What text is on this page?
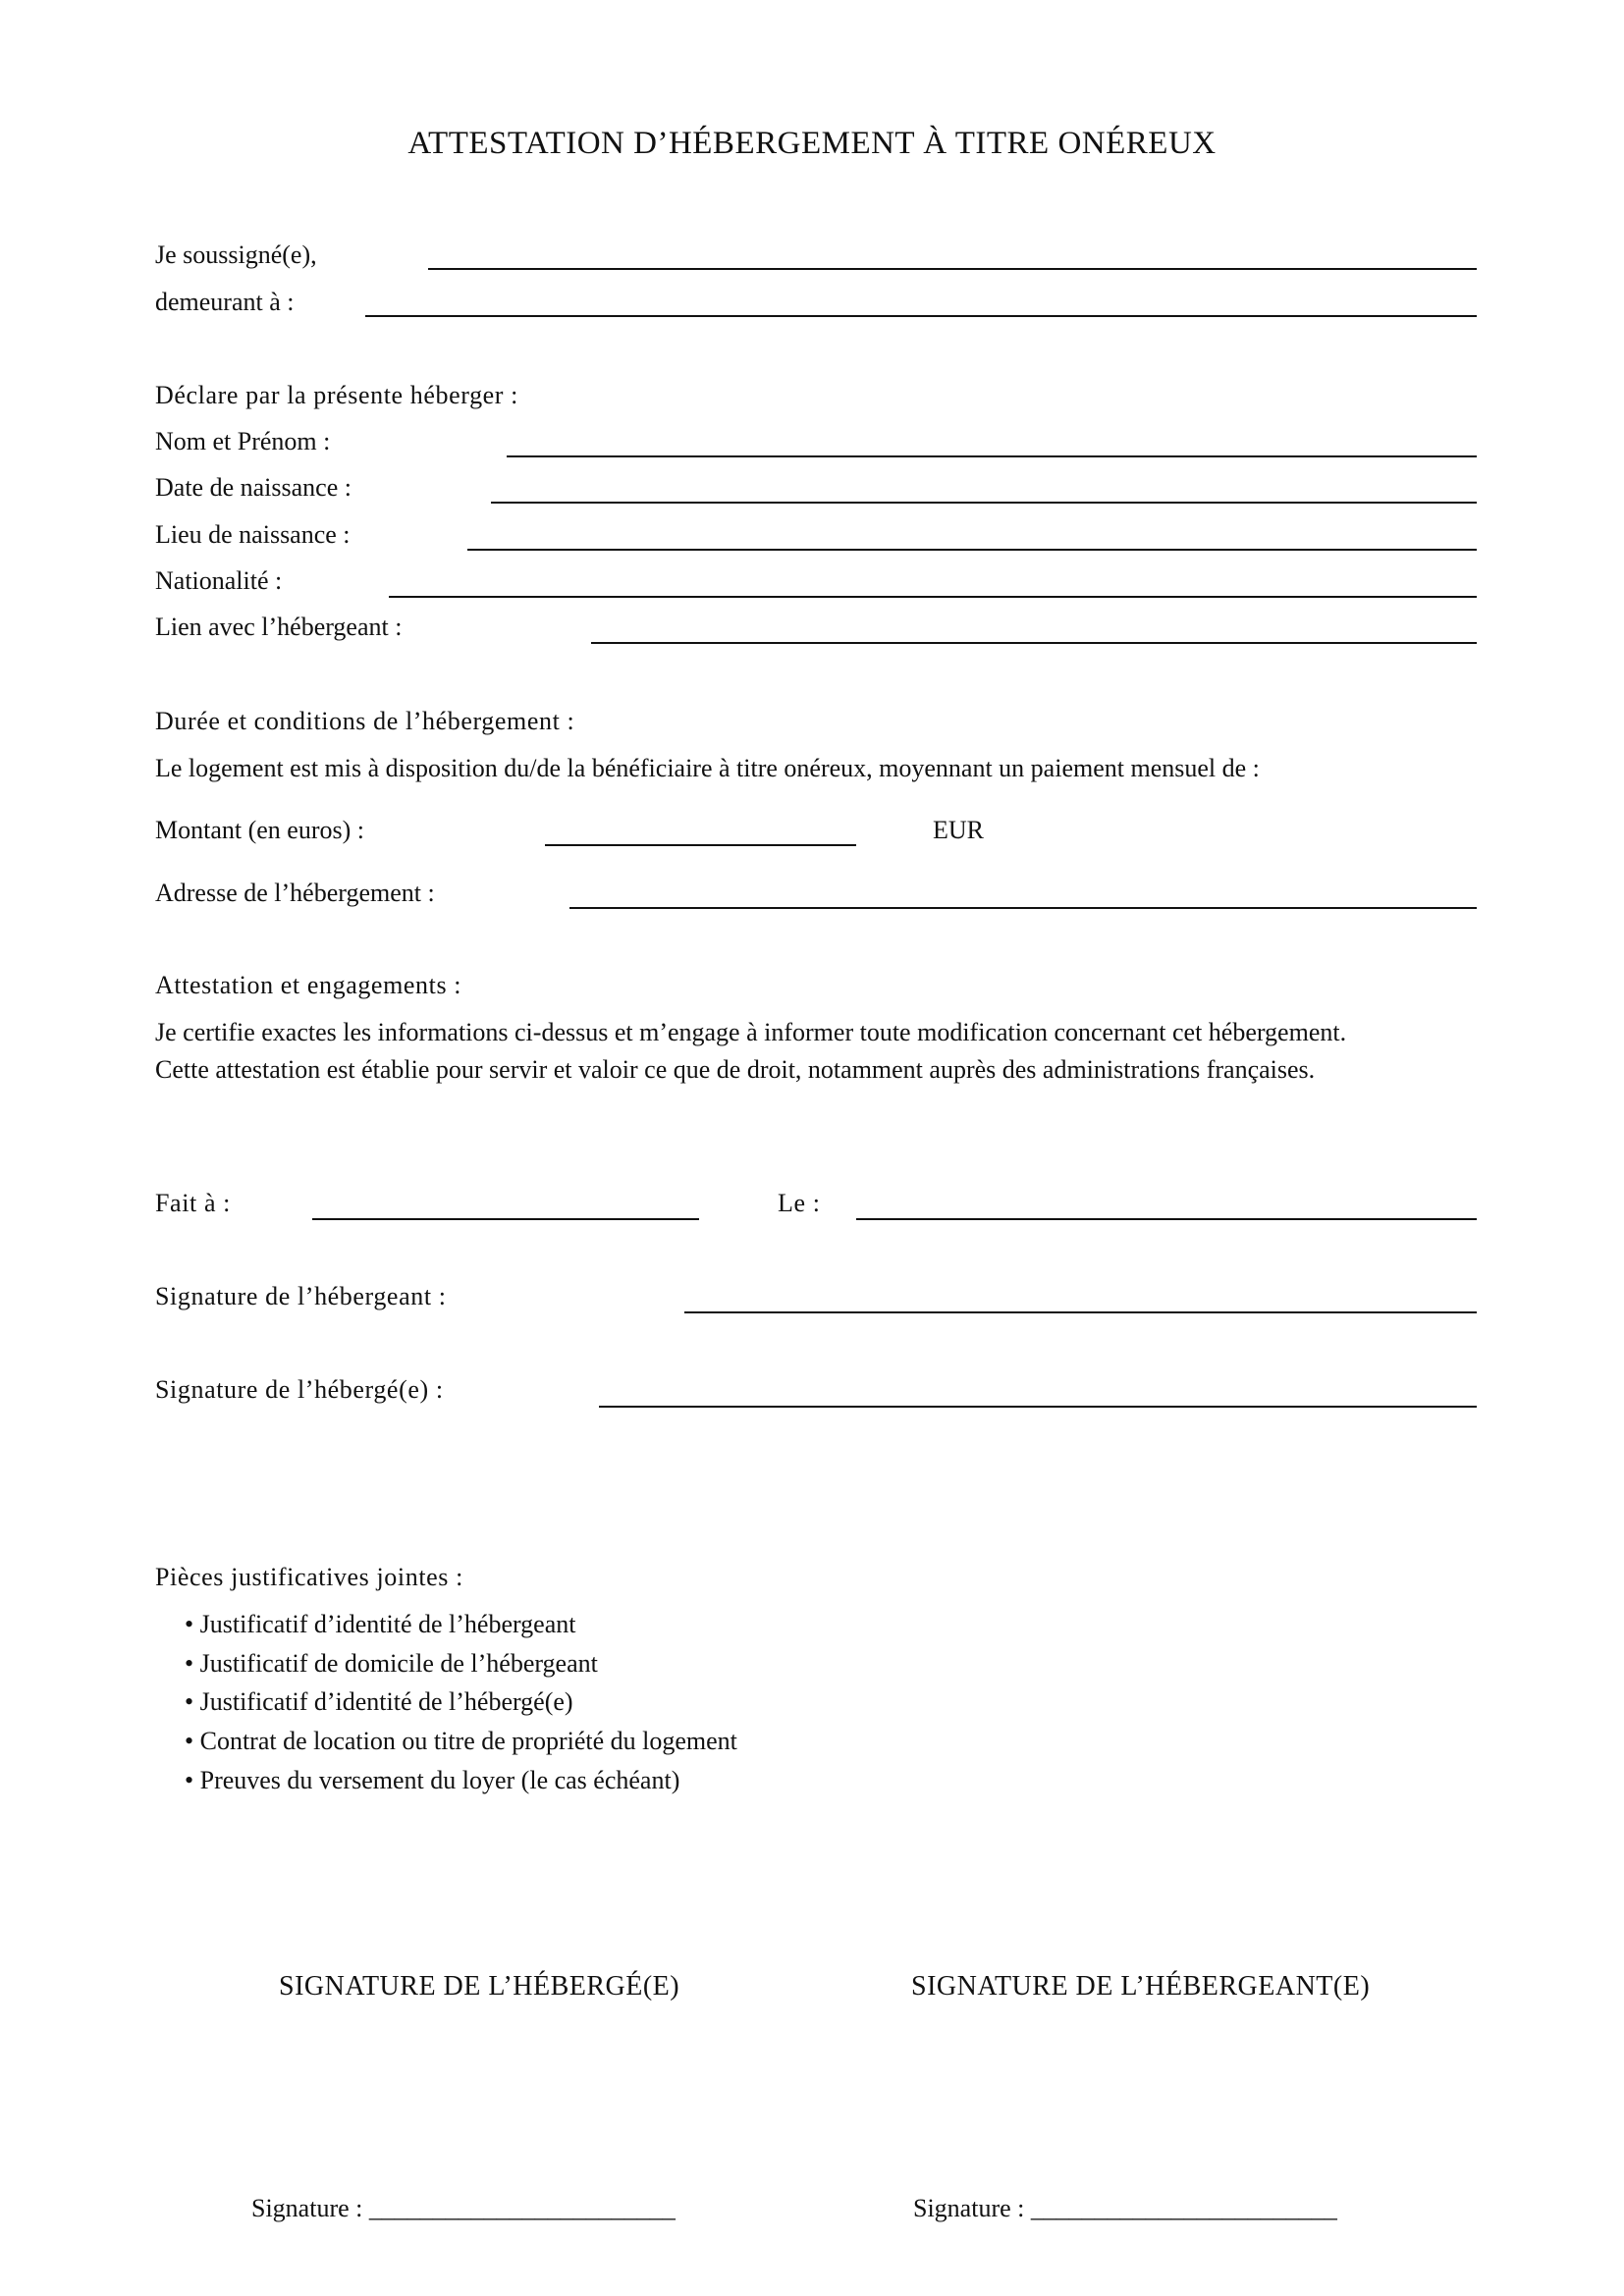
ATTESTATION D’HÉBERGEMENT À TITRE ONÉREUX
Je soussigné(e),
demeurant à :
Déclare par la présente héberger :
Nom et Prénom :
Date de naissance :
Lieu de naissance :
Nationalité :
Lien avec l’hébergeant :
Durée et conditions de l’hébergement :
Le logement est mis à disposition du/de la bénéficiaire à titre onéreux, moyennant un paiement mensuel de :
Montant (en euros) :	EUR
Adresse de l’hébergement :
Attestation et engagements :
Je certifie exactes les informations ci-dessus et m’engage à informer toute modification concernant cet hébergement.
Cette attestation est établie pour servir et valoir ce que de droit, notamment auprès des administrations françaises.
Fait à :	Le :
Signature de l’hébergeant :
Signature de l’hébergé(e) :
Pièces justificatives jointes :
• Justificatif d’identité de l’hébergeant
• Justificatif de domicile de l’hébergeant
• Justificatif d’identité de l’hébergé(e)
• Contrat de location ou titre de propriété du logement
• Preuves du versement du loyer (le cas échéant)
SIGNATURE DE L’HÉBERGÉ(E)	SIGNATURE DE L’HÉBERGEANT(E)
Signature : ________________________	Signature : ________________________
